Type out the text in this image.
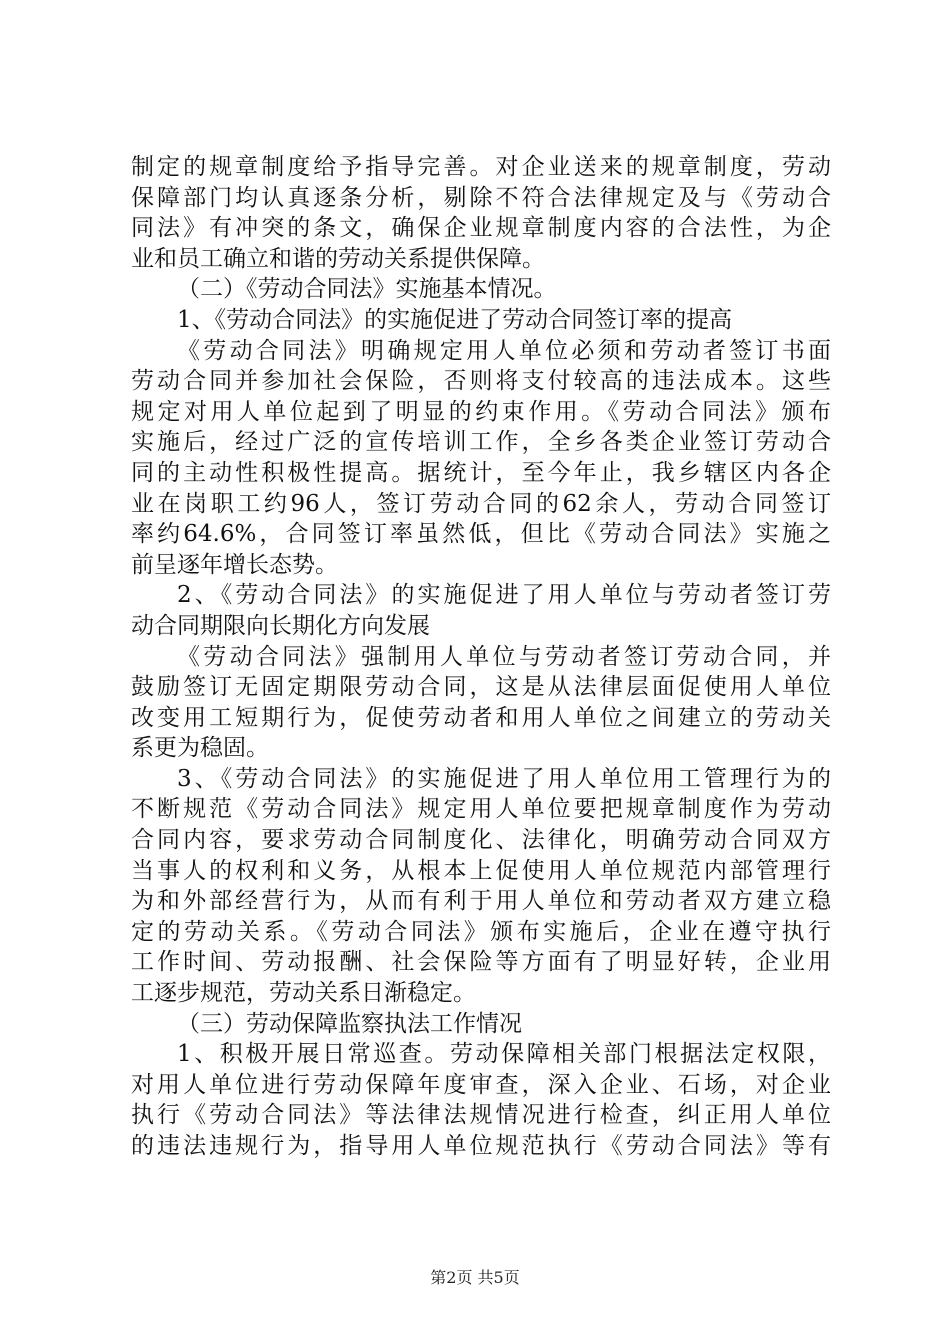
制定的规章制度给予指导完善。对企业送来的规章制度，劳动
保障部门均认真逐条分析，剔除不符合法律规定及与《劳动合
同法》有冲突的条文，确保企业规章制度内容的合法性，为企
业和员工确立和谐的劳动关系提供保障。
（二）《劳动合同法》实施基本情况。
1、《劳动合同法》的实施促进了劳动合同签订率的提高
《劳动合同法》明确规定用人单位必须和劳动者签订书面
劳动合同并参加社会保险，否则将支付较高的违法成本。这些
规定对用人单位起到了明显的约束作用。《劳动合同法》颁布
实施后，经过广泛的宣传培训工作，全乡各类企业签订劳动合
同的主动性积极性提高。据统计，至今年止，我乡辖区内各企
业在岗职工约96人，签订劳动合同的62余人，劳动合同签订
率约64.6%，合同签订率虽然低，但比《劳动合同法》实施之
前呈逐年增长态势。
2、《劳动合同法》的实施促进了用人单位与劳动者签订劳
动合同期限向长期化方向发展
《劳动合同法》强制用人单位与劳动者签订劳动合同，并
鼓励签订无固定期限劳动合同，这是从法律层面促使用人单位
改变用工短期行为，促使劳动者和用人单位之间建立的劳动关
系更为稳固。
3、《劳动合同法》的实施促进了用人单位用工管理行为的
不断规范《劳动合同法》规定用人单位要把规章制度作为劳动
合同内容，要求劳动合同制度化、法律化，明确劳动合同双方
当事人的权利和义务，从根本上促使用人单位规范内部管理行
为和外部经营行为，从而有利于用人单位和劳动者双方建立稳
定的劳动关系。《劳动合同法》颁布实施后，企业在遵守执行
工作时间、劳动报酬、社会保险等方面有了明显好转，企业用
工逐步规范，劳动关系日渐稳定。
（三）劳动保障监察执法工作情况
1、积极开展日常巡查。劳动保障相关部门根据法定权限，
对用人单位进行劳动保障年度审查，深入企业、石场，对企业
执行《劳动合同法》等法律法规情况进行检查，纠正用人单位
的违法违规行为，指导用人单位规范执行《劳动合同法》等有
第2页 共5页
